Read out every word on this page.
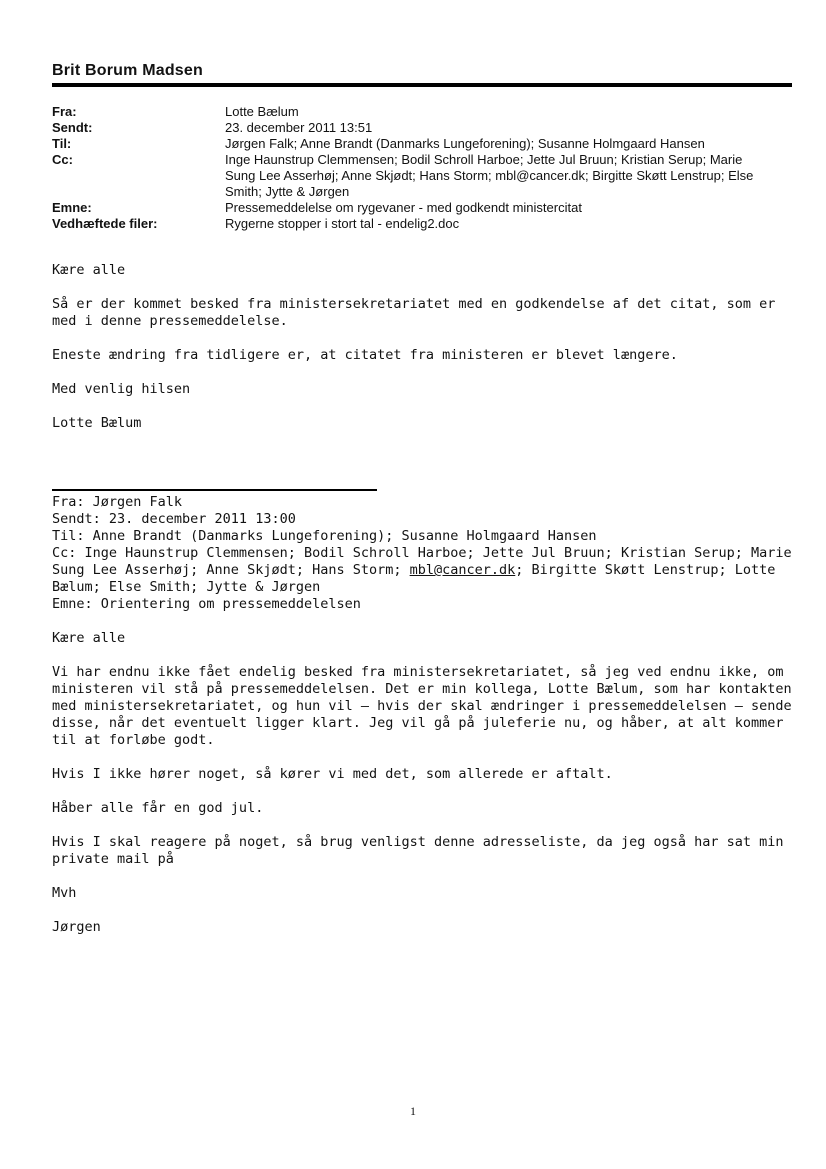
Brit Borum Madsen
Fra:	Lotte Bælum
Sendt:	23. december 2011 13:51
Til:	Jørgen Falk; Anne Brandt (Danmarks Lungeforening); Susanne Holmgaard Hansen
Cc:	Inge Haunstrup Clemmensen; Bodil Schroll Harboe; Jette Jul Bruun; Kristian Serup; Marie Sung Lee Asserhøj; Anne Skjødt; Hans Storm; mbl@cancer.dk; Birgitte Skøtt Lenstrup; Else Smith; Jytte & Jørgen
Emne:	Pressemeddelelse om rygevaner - med godkendt ministercitat
Vedhæftede filer:	Rygerne stopper i stort tal - endelig2.doc
Kære alle
Så er der kommet besked fra ministersekretariatet med en godkendelse af det citat, som er med i denne pressemeddelelse.
Eneste ændring fra tidligere er, at citatet fra ministeren er blevet længere.
Med venlig hilsen
Lotte Bælum
Fra: Jørgen Falk
Sendt: 23. december 2011 13:00
Til: Anne Brandt (Danmarks Lungeforening); Susanne Holmgaard Hansen
Cc: Inge Haunstrup Clemmensen; Bodil Schroll Harboe; Jette Jul Bruun; Kristian Serup; Marie Sung Lee Asserhøj; Anne Skjødt; Hans Storm; mbl@cancer.dk; Birgitte Skøtt Lenstrup; Lotte Bælum; Else Smith; Jytte & Jørgen
Emne: Orientering om pressemeddelelsen
Kære alle
Vi har endnu ikke fået endelig besked fra ministersekretariatet, så jeg ved endnu ikke, om ministeren vil stå på pressemeddelelsen. Det er min kollega, Lotte Bælum, som har kontakten med ministersekretariatet, og hun vil – hvis der skal ændringer i pressemeddelelsen – sende disse, når det eventuelt ligger klart. Jeg vil gå på juleferie nu, og håber, at alt kommer til at forløbe godt.
Hvis I ikke hører noget, så kører vi med det, som allerede er aftalt.
Håber alle får en god jul.
Hvis I skal reagere på noget, så brug venligst denne adresseliste, da jeg også har sat min private mail på
Mvh
Jørgen
1
